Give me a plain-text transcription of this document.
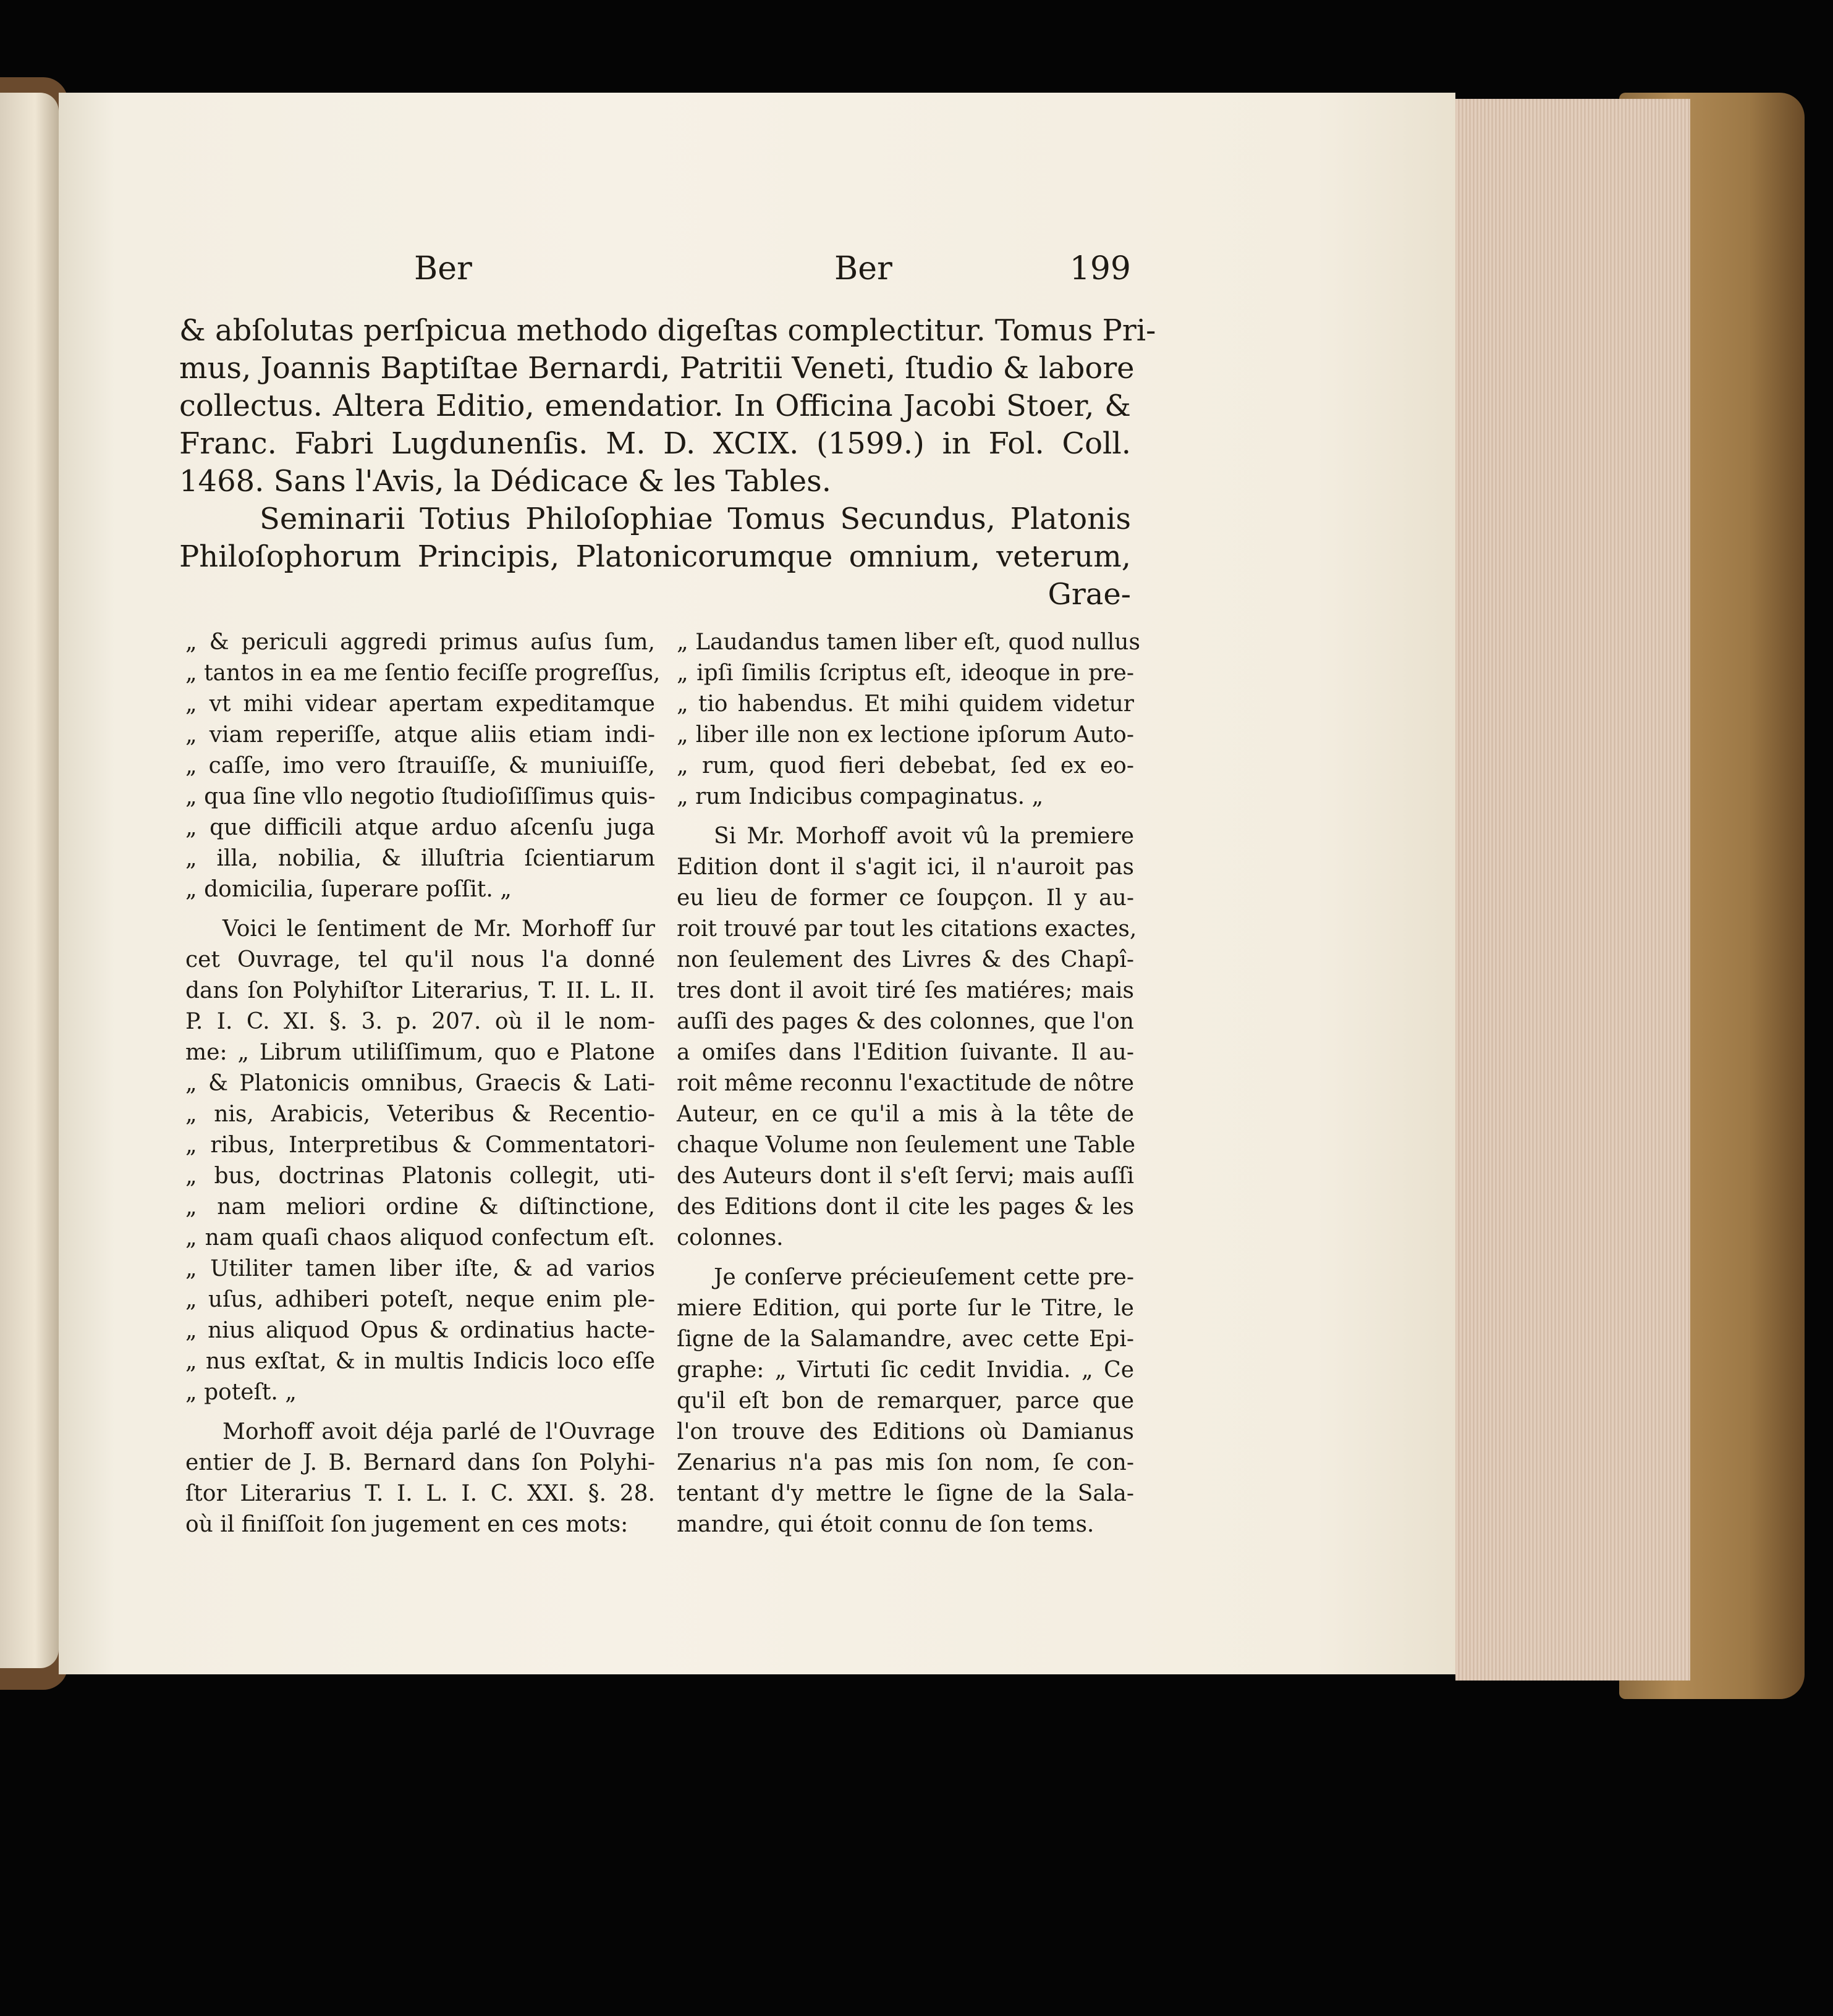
Ber	Ber	199
& abſolutas perſpicua methodo digeſtas complectitur. Tomus Pri-
mus, Joannis Baptiſtae Bernardi, Patritii Veneti, ſtudio & labore
collectus. Altera Editio, emendatior. In Officina Jacobi Stoer, &
Franc. Fabri Lugdunenſis. M. D. XCIX. (1599.) in Fol. Coll.
1468. Sans l'Avis, la Dédicace & les Tables.
Seminarii Totius Philoſophiae Tomus Secundus, Platonis
Philoſophorum Principis, Platonicorumque omnium, veterum,
Grae-
„ & periculi aggredi primus auſus ſum,
„ tantos in ea me ſentio feciſſe progreſſus,
„ vt mihi videar apertam expeditamque
„ viam reperiſſe, atque aliis etiam indi-
„ caſſe, imo vero ſtrauiſſe, & muniuiſſe,
„ qua ſine vllo negotio ſtudioſiſſimus quis-
„ que difficili atque arduo aſcenſu juga
„ illa, nobilia, & illuſtria ſcientiarum
„ domicilia, ſuperare poſſit. „
Voici le ſentiment de Mr. Morhoff ſur
cet Ouvrage, tel qu'il nous l'a donné
dans ſon Polyhiſtor Literarius, T. II. L. II.
P. I. C. XI. §. 3. p. 207. où il le nom-
me: „ Librum utiliſſimum, quo e Platone
„ & Platonicis omnibus, Graecis & Lati-
„ nis, Arabicis, Veteribus & Recentio-
„ ribus, Interpretibus & Commentatori-
„ bus, doctrinas Platonis collegit, uti-
„ nam meliori ordine & diſtinctione,
„ nam quaſi chaos aliquod confectum eſt.
„ Utiliter tamen liber iſte, & ad varios
„ uſus, adhiberi poteſt, neque enim ple-
„ nius aliquod Opus & ordinatius hacte-
„ nus exſtat, & in multis Indicis loco eſſe
„ poteſt. „
Morhoff avoit déja parlé de l'Ouvrage
entier de J. B. Bernard dans ſon Polyhi-
ſtor Literarius T. I. L. I. C. XXI. §. 28.
où il finiſſoit ſon jugement en ces mots:
„ Laudandus tamen liber eſt, quod nullus
„ ipſi ſimilis ſcriptus eſt, ideoque in pre-
„ tio habendus. Et mihi quidem videtur
„ liber ille non ex lectione ipſorum Auto-
„ rum, quod fieri debebat, ſed ex eo-
„ rum Indicibus compaginatus. „
Si Mr. Morhoff avoit vû la premiere
Edition dont il s'agit ici, il n'auroit pas
eu lieu de former ce ſoupçon. Il y au-
roit trouvé par tout les citations exactes,
non ſeulement des Livres & des Chapî-
tres dont il avoit tiré ſes matiéres; mais
auſſi des pages & des colonnes, que l'on
a omiſes dans l'Edition ſuivante. Il au-
roit même reconnu l'exactitude de nôtre
Auteur, en ce qu'il a mis à la tête de
chaque Volume non ſeulement une Table
des Auteurs dont il s'eſt ſervi; mais auſſi
des Editions dont il cite les pages & les
colonnes.
Je conſerve précieuſement cette pre-
miere Edition, qui porte ſur le Titre, le
ſigne de la Salamandre, avec cette Epi-
graphe: „ Virtuti ſic cedit Invidia. „ Ce
qu'il eſt bon de remarquer, parce que
l'on trouve des Editions où Damianus
Zenarius n'a pas mis ſon nom, ſe con-
tentant d'y mettre le ſigne de la Sala-
mandre, qui étoit connu de ſon tems.
